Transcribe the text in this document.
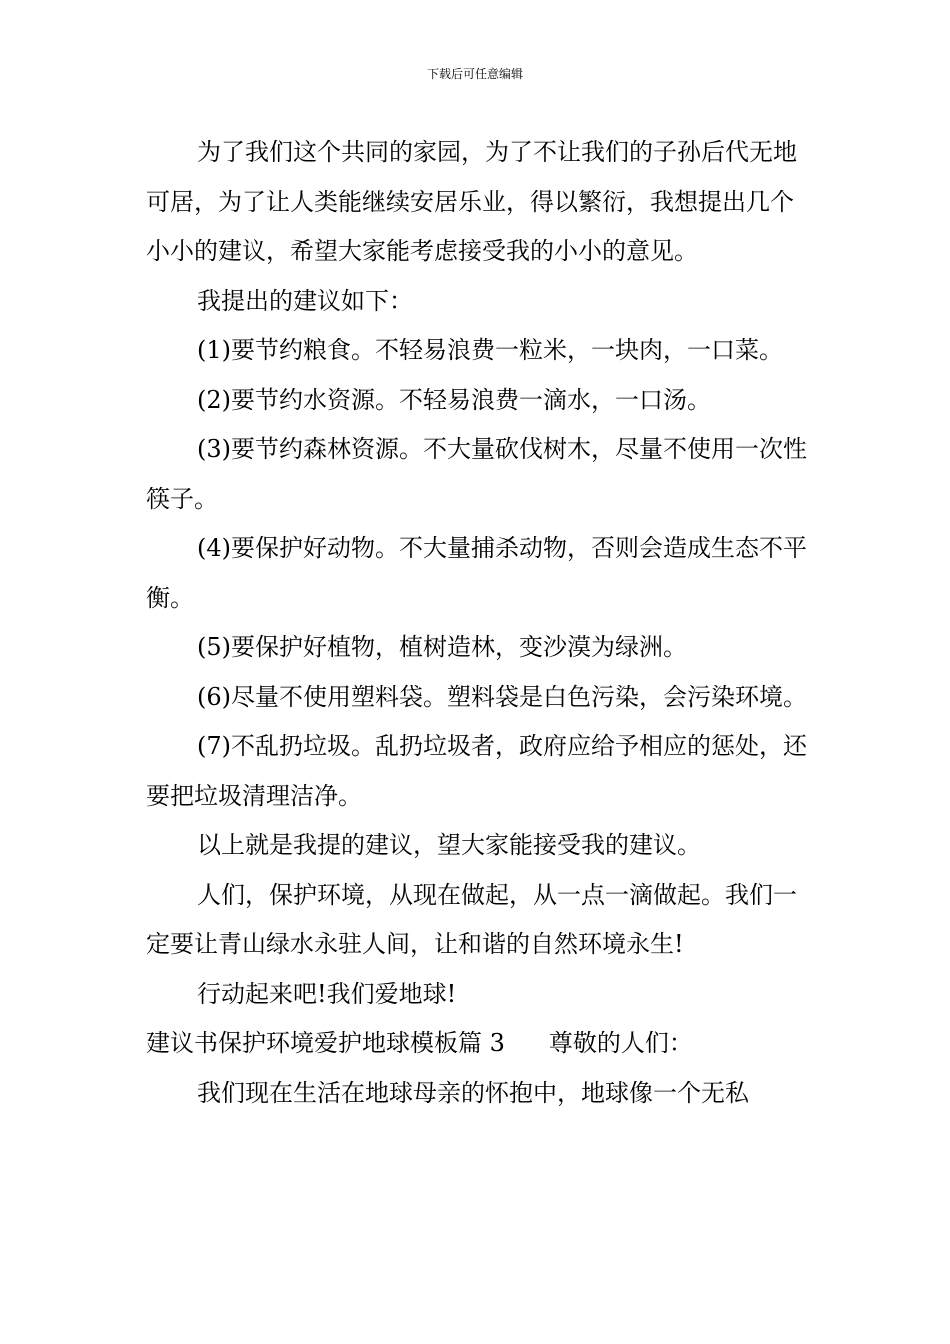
下载后可任意编辑

为了我们这个共同的家园，为了不让我们的子孙后代无地可居，为了让人类能继续安居乐业，得以繁衍，我想提出几个小小的建议，希望大家能考虑接受我的小小的意见。

我提出的建议如下：

(1)要节约粮食。不轻易浪费一粒米，一块肉，一口菜。

(2)要节约水资源。不轻易浪费一滴水，一口汤。

(3)要节约森林资源。不大量砍伐树木，尽量不使用一次性筷子。

(4)要保护好动物。不大量捕杀动物，否则会造成生态不平衡。

(5)要保护好植物，植树造林，变沙漠为绿洲。

(6)尽量不使用塑料袋。塑料袋是白色污染，会污染环境。

(7)不乱扔垃圾。乱扔垃圾者，政府应给予相应的惩处，还要把垃圾清理洁净。

以上就是我提的建议，望大家能接受我的建议。

人们，保护环境，从现在做起，从一点一滴做起。我们一定要让青山绿水永驻人间，让和谐的自然环境永生!

行动起来吧!我们爱地球!

建议书保护环境爱护地球模板篇 3 尊敬的人们：

我们现在生活在地球母亲的怀抱中，地球像一个无私
